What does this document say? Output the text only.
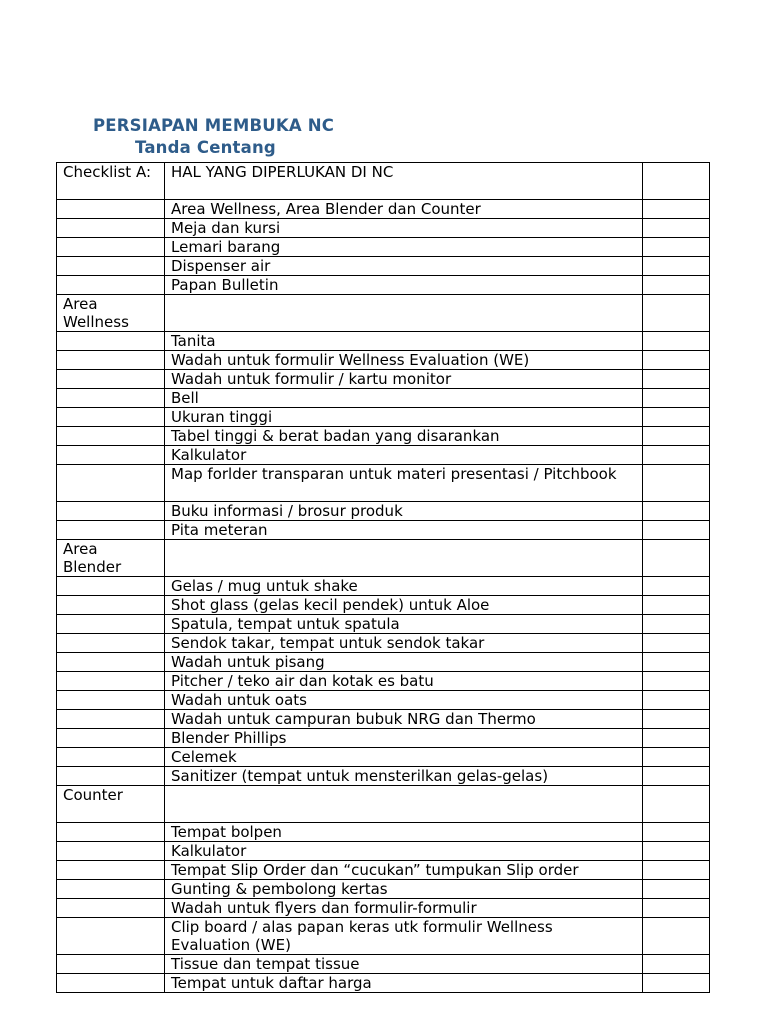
PERSIAPAN MEMBUKA NC
Tanda Centang
Checklist A:	HAL YANG DIPERLUKAN DI NC	
	Area Wellness, Area Blender dan Counter	
	Meja dan kursi	
	Lemari barang	
	Dispenser air	
	Papan Bulletin	
Area Wellness		
	Tanita	
	Wadah untuk formulir Wellness Evaluation (WE)	
	Wadah untuk formulir / kartu monitor	
	Bell	
	Ukuran tinggi	
	Tabel tinggi & berat badan yang disarankan	
	Kalkulator	
	Map forlder transparan untuk materi presentasi / Pitchbook	
	Buku informasi / brosur produk	
	Pita meteran	
Area Blender		
	Gelas / mug untuk shake	
	Shot glass (gelas kecil pendek) untuk Aloe	
	Spatula, tempat untuk spatula	
	Sendok takar, tempat untuk sendok takar	
	Wadah untuk pisang	
	Pitcher / teko air dan kotak es batu	
	Wadah untuk oats	
	Wadah untuk campuran bubuk NRG dan Thermo	
	Blender Phillips	
	Celemek	
	Sanitizer (tempat untuk mensterilkan gelas-gelas)	
Counter		
	Tempat bolpen	
	Kalkulator	
	Tempat Slip Order dan “cucukan” tumpukan Slip order	
	Gunting & pembolong kertas	
	Wadah untuk flyers dan formulir-formulir	
	Clip board / alas papan keras utk formulir Wellness Evaluation (WE)	
	Tissue dan tempat tissue	
	Tempat untuk daftar harga	
